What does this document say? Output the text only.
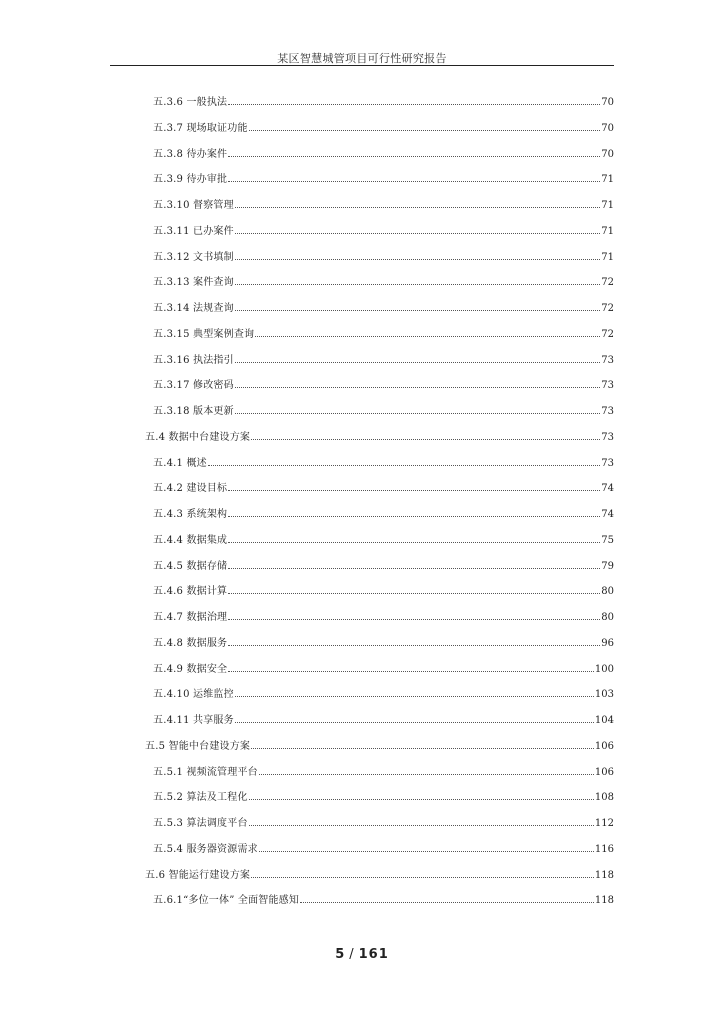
某区智慧城管项目可行性研究报告
五.3.6 一般执法	70
五.3.7 现场取证功能	70
五.3.8 待办案件	70
五.3.9 待办审批	71
五.3.10 督察管理	71
五.3.11 已办案件	71
五.3.12 文书填制	71
五.3.13 案件查询	72
五.3.14 法规查询	72
五.3.15 典型案例查询	72
五.3.16 执法指引	73
五.3.17 修改密码	73
五.3.18 版本更新	73
五.4 数据中台建设方案	73
五.4.1 概述	73
五.4.2 建设目标	74
五.4.3 系统架构	74
五.4.4 数据集成	75
五.4.5 数据存储	79
五.4.6 数据计算	80
五.4.7 数据治理	80
五.4.8 数据服务	96
五.4.9 数据安全	100
五.4.10 运维监控	103
五.4.11 共享服务	104
五.5 智能中台建设方案	106
五.5.1 视频流管理平台	106
五.5.2 算法及工程化	108
五.5.3 算法调度平台	112
五.5.4 服务器资源需求	116
五.6 智能运行建设方案	118
五.6.1“多位一体” 全面智能感知	118
5 / 161
